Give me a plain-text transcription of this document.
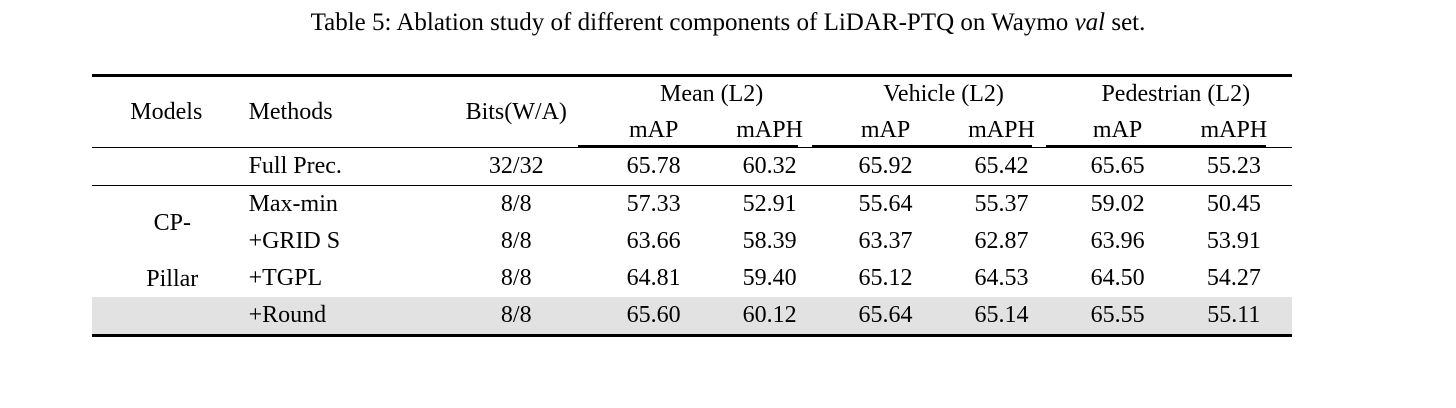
Table 5: Ablation study of different components of LiDAR-PTQ on Waymo val set.

Models	Methods	Bits(W/A)	Mean (L2)		Vehicle (L2)		Pedestrian (L2)	

			mAP	mAPH	mAP	mAPH	mAP	mAPH

	Full Prec.	32/32	65.78	60.32	65.92	65.42	65.65	55.23

CP-	Max-min	8/8	57.33	52.91	55.64	55.37	59.02	50.45
	+GRID S	8/8	63.66	58.39	63.37	62.87	63.96	53.91
Pillar	+TGPL	8/8	64.81	59.40	65.12	64.53	64.50	54.27
	+Round	8/8	65.60	60.12	65.64	65.14	65.55	55.11
